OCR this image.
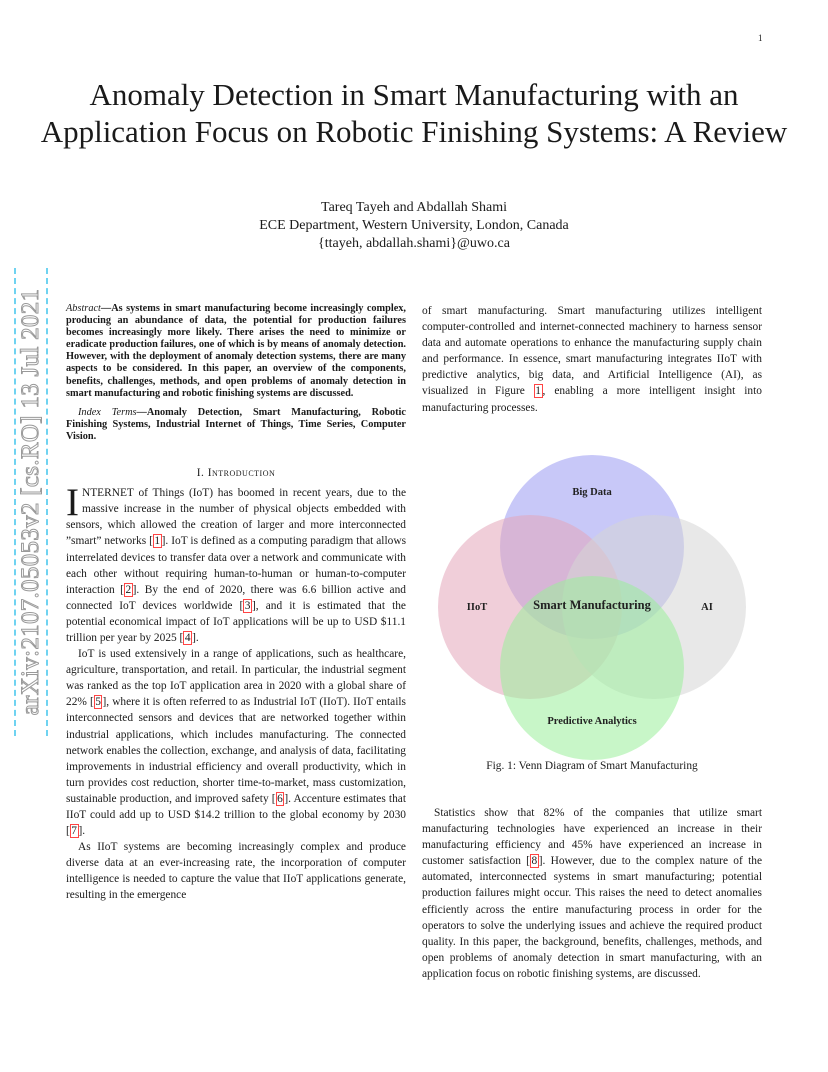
1
Anomaly Detection in Smart Manufacturing with an Application Focus on Robotic Finishing Systems: A Review
Tareq Tayeh and Abdallah Shami
ECE Department, Western University, London, Canada
{ttayeh, abdallah.shami}@uwo.ca
arXiv:2107.05053v2 [cs.RO] 13 Jul 2021 Abstract—As systems in smart manufacturing become increasingly complex, producing an abundance of data, the potential for production failures becomes increasingly more likely. There arises the need to minimize or eradicate production failures, one of which is by means of anomaly detection. However, with the deployment of anomaly detection systems, there are many aspects to be considered. In this paper, an overview of the components, benefits, challenges, methods, and open problems of anomaly detection in smart manufacturing and robotic finishing systems are discussed.

Index Terms—Anomaly Detection, Smart Manufacturing, Robotic Finishing Systems, Industrial Internet of Things, Time Series, Computer Vision.

I. Introduction

INTERNET of Things (IoT) has boomed in recent years, due to the massive increase in the number of physical objects embedded with sensors, which allowed the creation of larger and more interconnected ”smart” networks [ 1 ]. IoT is defined as a computing paradigm that allows interrelated devices to transfer data over a network and communicate with each other without requiring human-to-human or human-to-computer interaction [ 2 ]. By the end of 2020, there was 6.6 billion active and connected IoT devices worldwide [ 3 ], and it is estimated that the potential economical impact of IoT applications will be up to USD $11.1 trillion per year by 2025 [ 4 ].

IoT is used extensively in a range of applications, such as healthcare, agriculture, transportation, and retail. In particular, the industrial segment was ranked as the top IoT application area in 2020 with a global share of 22% [ 5 ], where it is often referred to as Industrial IoT (IIoT). IIoT entails interconnected sensors and devices that are networked together within industrial applications, which includes manufacturing. The connected network enables the collection, exchange, and analysis of data, facilitating improvements in industrial efficiency and overall productivity, which in turn provides cost reduction, shorter time-to-market, mass customization, sustainable production, and improved safety [ 6 ]. Accenture estimates that IIoT could add up to USD $14.2 trillion to the global economy by 2030 [ 7 ].

As IIoT systems are becoming increasingly complex and produce diverse data at an ever-increasing rate, the incorporation of computer intelligence is needed to capture the value that IIoT applications generate, resulting in the emergence

of smart manufacturing. Smart manufacturing utilizes intelligent computer-controlled and internet-connected machinery to harness sensor data and automate operations to enhance the manufacturing supply chain and performance. In essence, smart manufacturing integrates IIoT with predictive analytics, big data, and Artificial Intelligence (AI), as visualized in Figure 1 , enabling a more intelligent insight into manufacturing processes.

Big Data
IIoT	AI
Predictive Analytics
Smart Manufacturing
Fig. 1: Venn Diagram of Smart Manufacturing

Statistics show that 82% of the companies that utilize smart manufacturing technologies have experienced an increase in their manufacturing efficiency and 45% have experienced an increase in customer satisfaction [ 8 ]. However, due to the complex nature of the automated, interconnected systems in smart manufacturing; potential production failures might occur. This raises the need to detect anomalies efficiently across the entire manufacturing process in order for the operators to solve the underlying issues and achieve the required product quality. In this paper, the background, benefits, challenges, methods, and open problems of anomaly detection in smart manufacturing, with an application focus on robotic finishing systems, are discussed.
